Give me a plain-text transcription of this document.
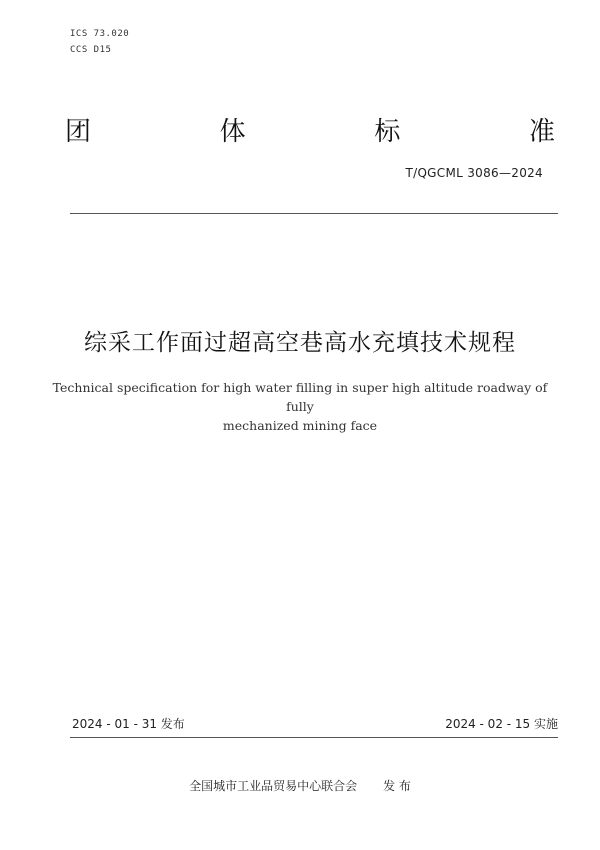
ICS 73.020
CCS D15
团	体	标	准
T/QGCML 3086—2024
综采工作面过超高空巷高水充填技术规程
Technical specification for high water filling in super high altitude roadway of fully
mechanized mining face
2024 - 01 - 31 发布	2024 - 02 - 15 实施
全国城市工业品贸易中心联合会 发 布
